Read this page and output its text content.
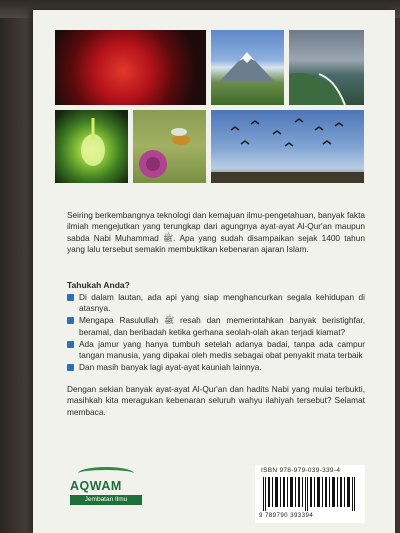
Seiring berkembangnya teknologi dan kemajuan ilmu-pengetahuan, banyak fakta ilmiah mengejutkan yang terungkap dari agungnya ayat-ayat Al-Qur'an maupun sabda Nabi Muhammad ﷺ. Apa yang sudah disampaikan sejak 1400 tahun yang lalu tersebut semakin membuktikan kebenaran ajaran Islam.
Tahukah Anda?
Di dalam lautan, ada api yang siap menghancurkan segala kehidupan di atasnya.
Mengapa Rasulullah ﷺ resah dan memerintahkan banyak beristighfar, beramal, dan beribadah ketika gerhana seolah-olah akan terjadi kiamat?
Ada jamur yang hanya tumbuh setelah adanya badai, tanpa ada campur tangan manusia, yang dipakai oleh medis sebagai obat penyakit mata terbaik
Dan masih banyak lagi ayat-ayat kauniah lainnya.
Dengan sekian banyak ayat-ayat Al-Qur'an dan hadits Nabi yang mulai terbukti, masihkah kita meragukan kebenaran seluruh wahyu ilahiyah tersebut? Selamat membaca.
AQWAM
Jembatan Ilmu
ISBN 978-979-039-339-4
9 789790 393394
